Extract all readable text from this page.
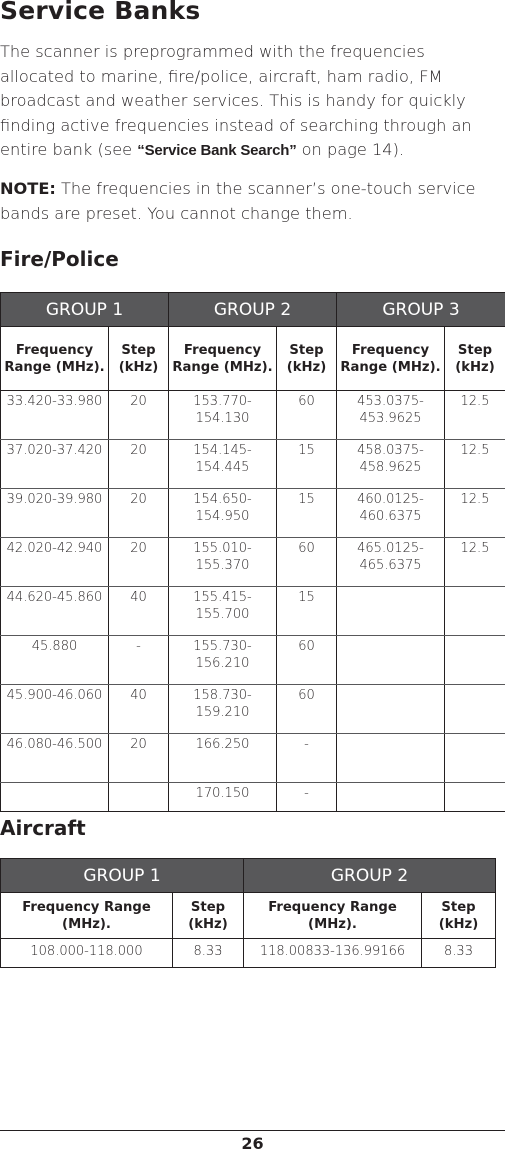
Service Banks
The scanner is preprogrammed with the frequencies allocated to marine, fire/police, aircraft, ham radio, FM broadcast and weather services. This is handy for quickly finding active frequencies instead of searching through an entire bank (see “Service Bank Search” on page 14).
NOTE: The frequencies in the scanner’s one-touch service bands are preset. You cannot change them.
Fire/Police
GROUP 1		GROUP 2		GROUP 3	
Frequency Range (MHz).	Step (kHz)	Frequency Range (MHz).	Step (kHz)	Frequency Range (MHz).	Step (kHz)
33.420-33.980	20	153.770-154.130	60	453.0375-453.9625	12.5
37.020-37.420	20	154.145-154.445	15	458.0375-458.9625	12.5
39.020-39.980	20	154.650-154.950	15	460.0125-460.6375	12.5
42.020-42.940	20	155.010-155.370	60	465.0125-465.6375	12.5
44.620-45.860	40	155.415-155.700	15		
45.880	-	155.730-156.210	60		
45.900-46.060	40	158.730-159.210	60		
46.080-46.500	20	166.250	-		
		170.150	-		
Aircraft
GROUP 1		GROUP 2	
Frequency Range (MHz).	Step (kHz)	Frequency Range (MHz).	Step (kHz)
108.000-118.000	8.33	118.00833-136.99166	8.33
26
